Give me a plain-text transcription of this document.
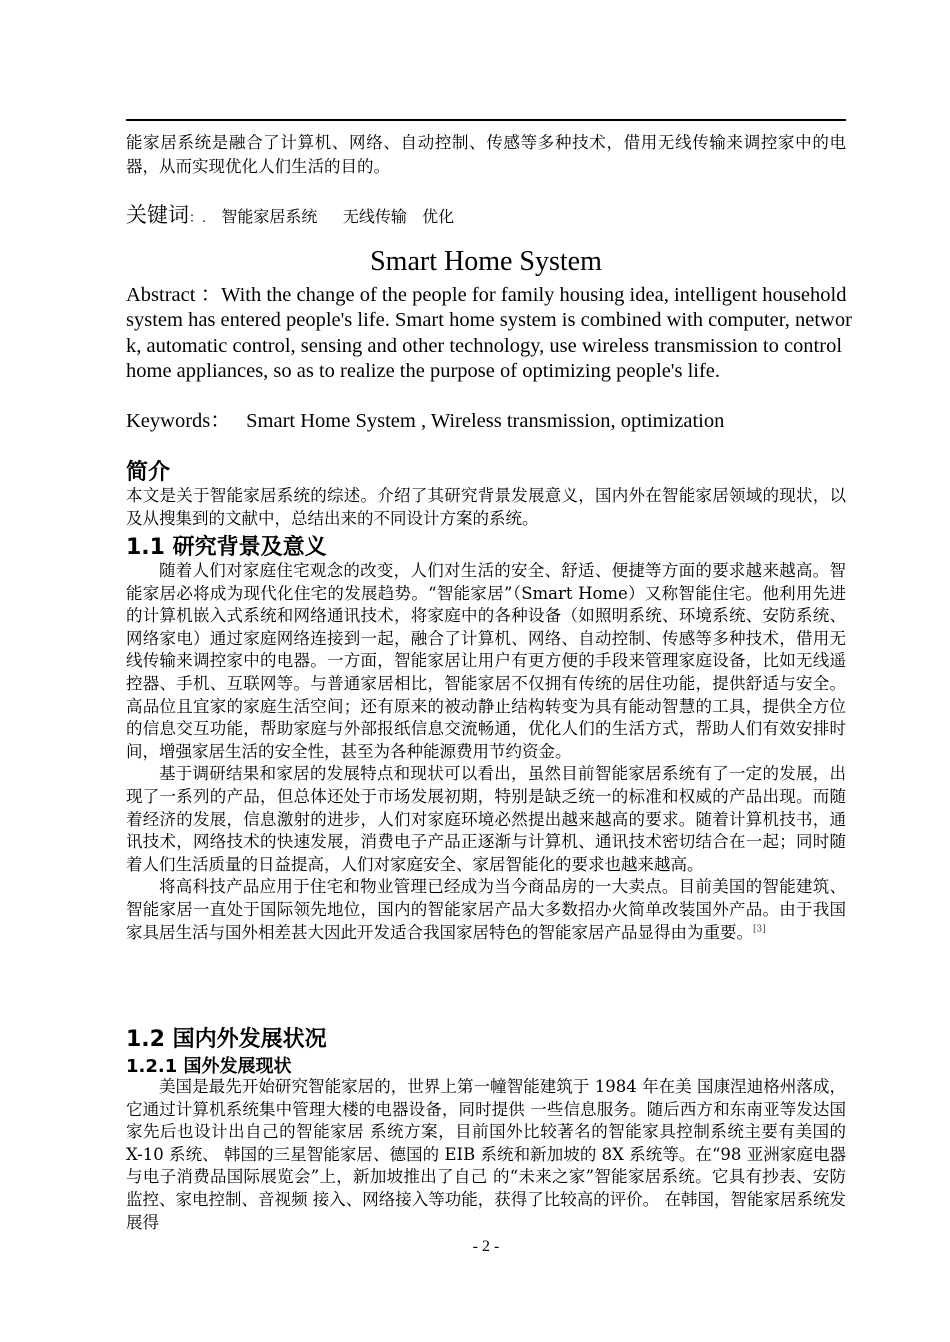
能家居系统是融合了计算机、网络、自动控制、传感等多种技术，借用无线传输来调控家中的电器，从而实现优化人们生活的目的。

关键词：. 智能家居系统 无线传输 优化
Smart Home System

Abstract ：With the change of the people for family housing idea, intelligent household system has entered people's life. Smart home system is combined with computer, network, automatic control, sensing and other technology, use wireless transmission to control home appliances, so as to realize the purpose of optimizing people's life.

Keywords： Smart Home System , Wireless transmission, optimization

简介

本文是关于智能家居系统的综述。介绍了其研究背景发展意义，国内外在智能家居领域的现状，以及从搜集到的文献中，总结出来的不同设计方案的系统。

1.1 研究背景及意义

随着人们对家庭住宅观念的改变，人们对生活的安全、舒适、便捷等方面的要求越来越高。智能家居必将成为现代化住宅的发展趋势。“智能家居”（Smart Home）又称智能住宅。他利用先进的计算机嵌入式系统和网络通讯技术，将家庭中的各种设备（如照明系统、环境系统、安防系统、网络家电）通过家庭网络连接到一起，融合了计算机、网络、自动控制、传感等多种技术，借用无线传输来调控家中的电器。一方面，智能家居让用户有更方便的手段来管理家庭设备，比如无线遥控器、手机、互联网等。与普通家居相比，智能家居不仅拥有传统的居住功能，提供舒适与安全。高品位且宜家的家庭生活空间；还有原来的被动静止结构转变为具有能动智慧的工具，提供全方位的信息交互功能，帮助家庭与外部报纸信息交流畅通，优化人们的生活方式，帮助人们有效安排时间，增强家居生活的安全性，甚至为各种能源费用节约资金。

基于调研结果和家居的发展特点和现状可以看出，虽然目前智能家居系统有了一定的发展，出现了一系列的产品，但总体还处于市场发展初期，特别是缺乏统一的标准和权威的产品出现。而随着经济的发展，信息激射的进步，人们对家庭环境必然提出越来越高的要求。随着计算机技书，通讯技术，网络技术的快速发展，消费电子产品正逐渐与计算机、通讯技术密切结合在一起；同时随着人们生活质量的日益提高，人们对家庭安全、家居智能化的要求也越来越高。

将高科技产品应用于住宅和物业管理已经成为当今商品房的一大卖点。目前美国的智能建筑、智能家居一直处于国际领先地位，国内的智能家居产品大多数招办火简单改装国外产品。由于我国家具居生活与国外相差甚大因此开发适合我国家居特色的智能家居产品显得由为重要。[3]

1.2 国内外发展状况
1.2.1 国外发展现状

美国是最先开始研究智能家居的，世界上第一幢智能建筑于 1984 年在美 国康涅迪格州落成，它通过计算机系统集中管理大楼的电器设备，同时提供 一些信息服务。随后西方和东南亚等发达国家先后也设计出自己的智能家居 系统方案，目前国外比较著名的智能家具控制系统主要有美国的 X-10 系统、 韩国的三星智能家居、德国的 EIB 系统和新加坡的 8X 系统等。在“98 亚洲家庭电器与电子消费品国际展览会”上，新加坡推出了自己 的“未来之家”智能家居系统。它具有抄表、安防监控、家电控制、音视频 接入、网络接入等功能，获得了比较高的评价。 在韩国，智能家居系统发展得

- 2 -
